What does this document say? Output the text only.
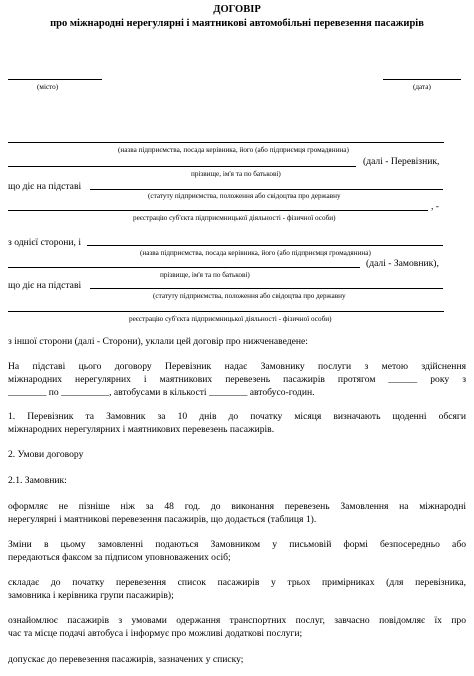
ДОГОВІР
про міжнародні нерегулярні і маятникові автомобільні перевезення пасажирів
(місто)	(дата)
(назва підприємства, посада керівника, його (або підприємця громадянина)
(далі - Перевізник,
прізвище, ім'я та по батькові)
що діє на підставі
(статуту підприємства, положення або свідоцтва про державну
, -
реєстрацію суб'єкта підприємницької діяльності - фізичної особи)
з однієї сторони, і
(назва підприємства, посада керівника, його (або підприємця громадянина)
(далі - Замовник),
прізвище, ім'я та по батькові)
що діє на підставі
(статуту підприємства, положення або свідоцтва про державну
реєстрацію суб'єкта підприємницької діяльності - фізичної особи)
з іншої сторони (далі - Сторони), уклали цей договір про нижченаведене:
На підставі цього договору Перевізник надає Замовнику послуги з метою здійснення
міжнародних нерегулярних і маятникових перевезень пасажирів протягом ______ року з
________ по __________, автобусами в кількості ________ автобусо-годин.
1. Перевізник та Замовник за 10 днів до початку місяця визначають щоденні обсяги
міжнародних нерегулярних і маятникових перевезень пасажирів.
2. Умови договору
2.1. Замовник:
оформляє не пізніше ніж за 48 год. до виконання перевезень Замовлення на міжнародні
нерегулярні і маятникові перевезення пасажирів, що додається (таблиця 1).
Зміни в цьому замовленні подаються Замовником у письмовій формі безпосередньо або
передаються факсом за підписом уповноважених осіб;
складає до початку перевезення список пасажирів у трьох примірниках (для перевізника,
замовника і керівника групи пасажирів);
ознайомлює пасажирів з умовами одержання транспортних послуг, завчасно повідомляє їх про
час та місце подачі автобуса і інформує про можливі додаткові послуги;
допускає до перевезення пасажирів, зазначених у списку;
